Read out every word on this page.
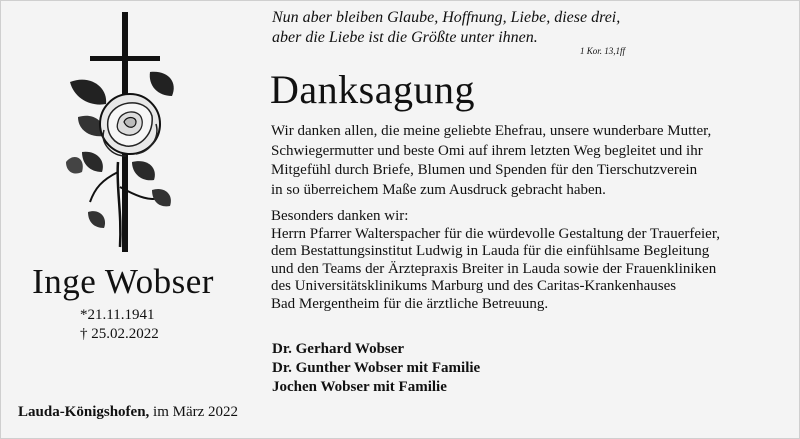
Nun aber bleiben Glaube, Hoffnung, Liebe, diese drei,
aber die Liebe ist die Größte unter ihnen.
1 Kor. 13,1ff
Danksagung
Wir danken allen, die meine geliebte Ehefrau, unsere wunderbare Mutter,
Schwiegermutter und beste Omi auf ihrem letzten Weg begleitet und ihr
Mitgefühl durch Briefe, Blumen und Spenden für den Tierschutzverein
in so überreichem Maße zum Ausdruck gebracht haben.
Besonders danken wir:
Herrn Pfarrer Walterspacher für die würdevolle Gestaltung der Trauerfeier,
dem Bestattungsinstitut Ludwig in Lauda für die einfühlsame Begleitung
und den Teams der Ärztepraxis Breiter in Lauda sowie der Frauenkliniken
des Universitätsklinikums Marburg und des Caritas-Krankenhauses
Bad Mergentheim für die ärztliche Betreuung.
Dr. Gerhard Wobser
Dr. Gunther Wobser mit Familie
Jochen Wobser mit Familie
Inge Wobser
*21.11.1941
† 25.02.2022
Lauda-Königshofen, im März 2022
